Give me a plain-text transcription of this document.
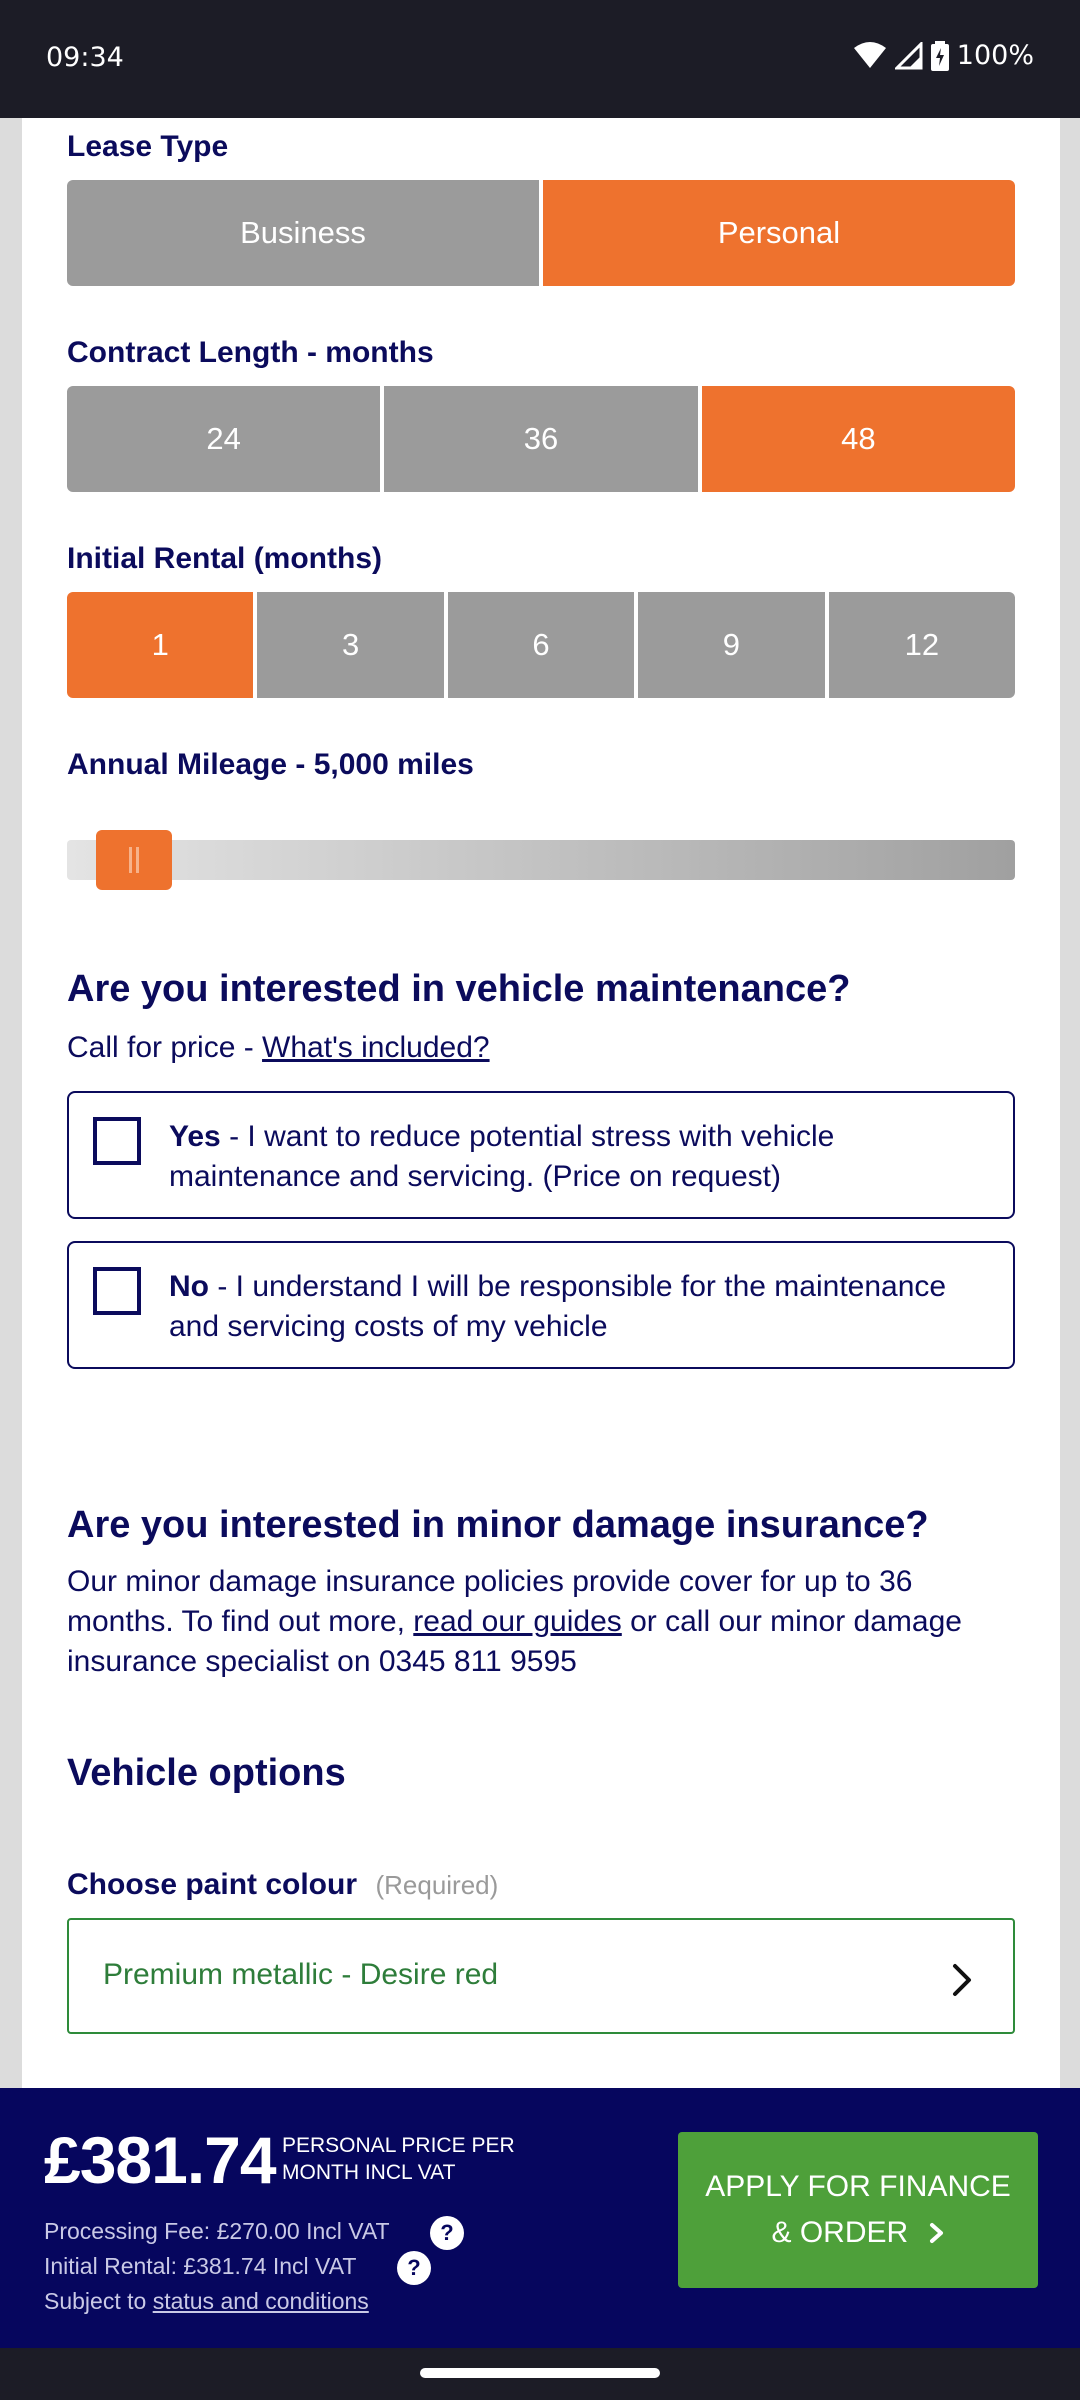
09:34	100%
Lease Type
Business	Personal
Contract Length - months
24	36	48
Initial Rental (months)
1	3	6	9	12
Annual Mileage - 5,000 miles
Are you interested in vehicle maintenance?
Call for price - What's included?
Yes - I want to reduce potential stress with vehicle maintenance and servicing. (Price on request)
No - I understand I will be responsible for the maintenance and servicing costs of my vehicle
Are you interested in minor damage insurance?
Our minor damage insurance policies provide cover for up to 36 months. To find out more, read our guides or call our minor damage insurance specialist on 0345 811 9595
Vehicle options
Choose paint colour (Required)
Premium metallic - Desire red
£381.74 PERSONAL PRICE PER
MONTH INCL VAT
Processing Fee: £270.00 Incl VAT	?
Initial Rental: £381.74 Incl VAT	?
Subject to status and conditions
APPLY FOR FINANCE
& ORDER
